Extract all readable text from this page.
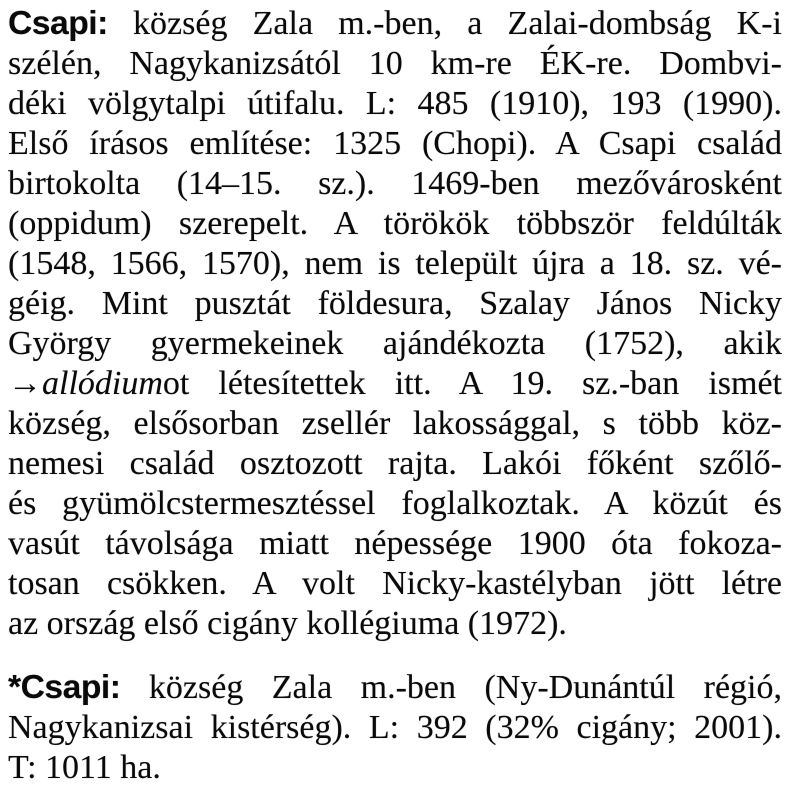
Csapi: község Zala m.-ben, a Zalai-dombság K-i
szélén, Nagykanizsától 10 km-re ÉK-re. Dombvi-
déki völgytalpi útifalu. L: 485 (1910), 193 (1990).
Első írásos említése: 1325 (Chopi). A Csapi család
birtokolta (14–15. sz.). 1469-ben mezővárosként
(oppidum) szerepelt. A törökök többször feldúlták
(1548, 1566, 1570), nem is települt újra a 18. sz. vé-
géig. Mint pusztát földesura, Szalay János Nicky
György gyermekeinek ajándékozta (1752), akik
→allódiumot létesítettek itt. A 19. sz.-ban ismét
község, elsősorban zsellér lakossággal, s több köz-
nemesi család osztozott rajta. Lakói főként szőlő-
és gyümölcstermesztéssel foglalkoztak. A közút és
vasút távolsága miatt népessége 1900 óta fokoza-
tosan csökken. A volt Nicky-kastélyban jött létre
az ország első cigány kollégiuma (1972).
*Csapi: község Zala m.-ben (Ny-Dunántúl régió,
Nagykanizsai kistérség). L: 392 (32% cigány; 2001).
T: 1011 ha.
